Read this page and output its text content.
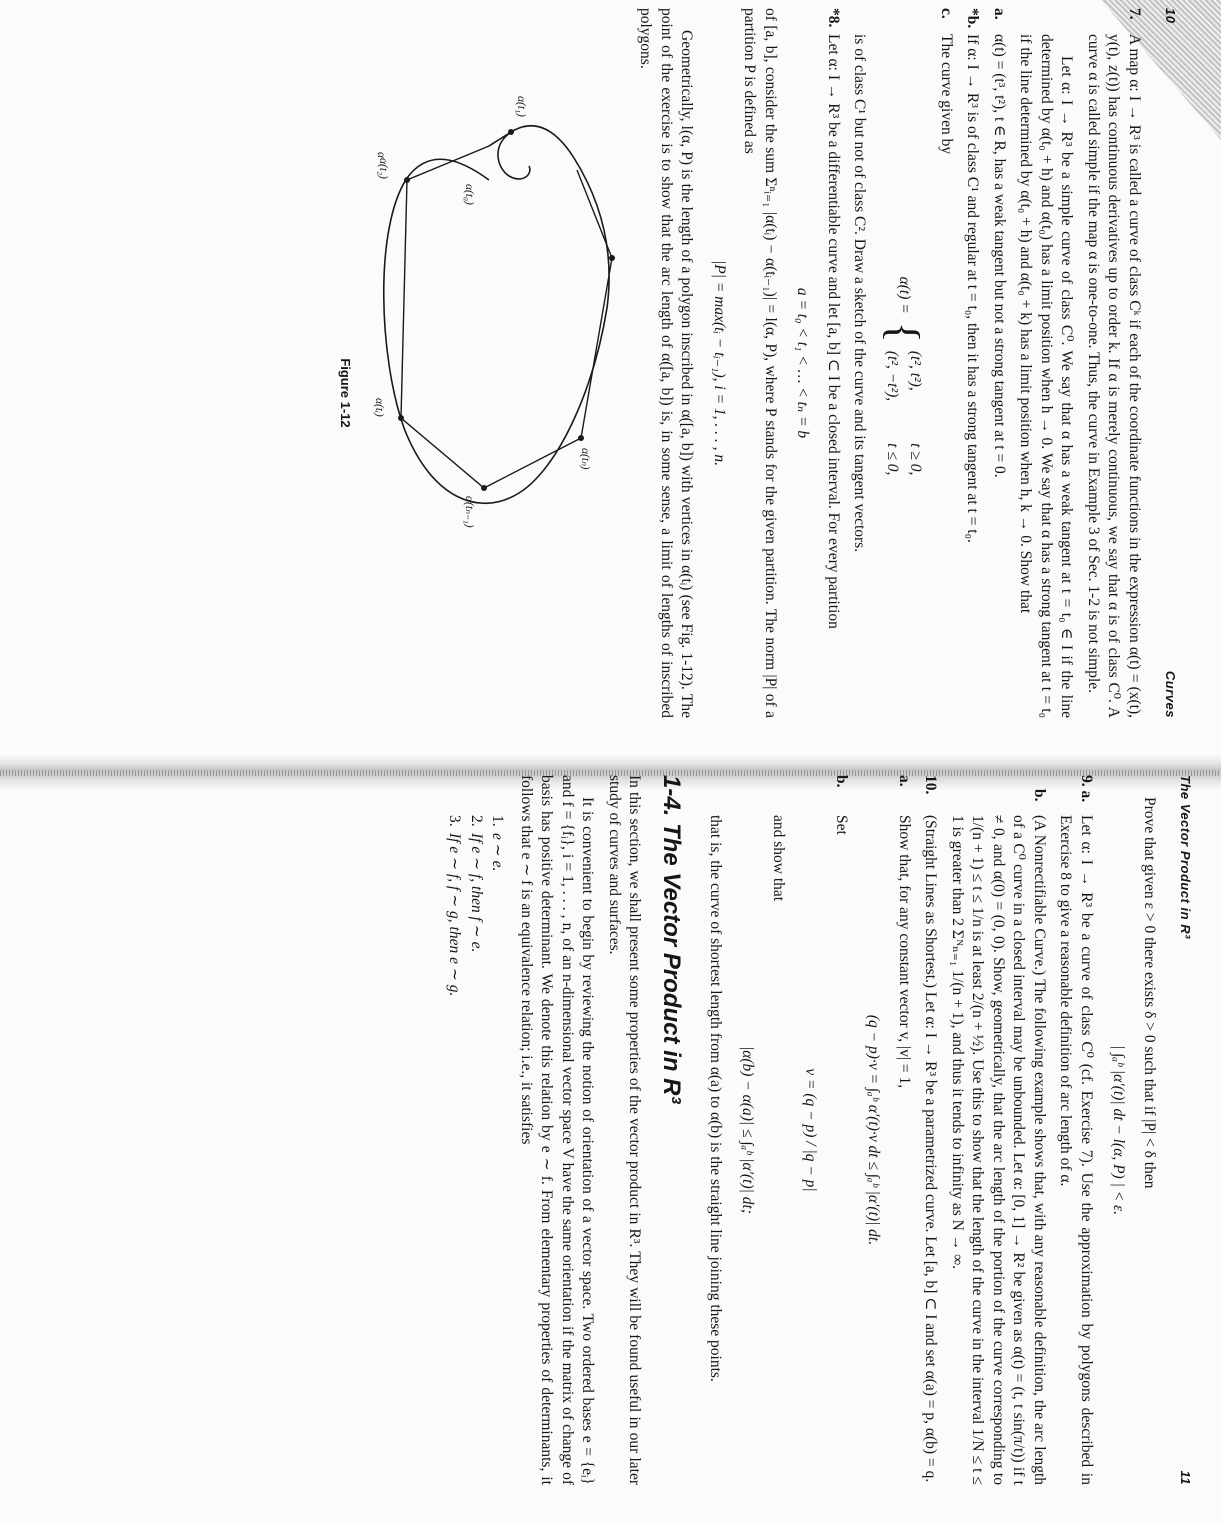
10
Curves
7.

A map α: I → R³ is called a curve of class Cᵏ if each of the coordinate functions in the expression α(t) = (x(t), y(t), z(t)) has continuous derivatives up to order k. If α is merely continuous, we say that α is of class C⁰. A curve α is called simple if the map α is one-to-one. Thus, the curve in Example 3 of Sec. 1-2 is not simple.

Let α: I → R³ be a simple curve of class C⁰. We say that α has a weak tangent at t = t₀ ∈ I if the line determined by α(t₀ + h) and α(t₀) has a limit position when h → 0. We say that α has a strong tangent at t = t₀ if the line determined by α(t₀ + h) and α(t₀ + k) has a limit position when h, k → 0. Show that

a.

α(t) = (t³, t²), t ∈ R, has a weak tangent but not a strong tangent at t = 0.

*b.

If α: I → R³ is of class C¹ and regular at t = t₀, then it has a strong tangent at t = t₀.

c.

The curve given by

α(t) =
{
(t², t²),
t ≥ 0,
(t², −t²),
t ≤ 0,

is of class C¹ but not of class C². Draw a sketch of the curve and its tangent vectors.

*8.

Let α: I → R³ be a differentiable curve and let [a, b] ⊂ I be a closed interval. For every partition

a = t₀ < t₁ < … < tₙ = b

of [a, b], consider the sum Σⁿᵢ₌₁ |α(tᵢ) − α(tᵢ₋₁)| = l(α, P), where P stands for the given partition. The norm |P| of a partition P is defined as

|P| = max(tᵢ − tᵢ₋₁), i = 1, . . . , n.

Geometrically, l(α, P) is the length of a polygon inscribed in α([a, b]) with vertices in α(tᵢ) (see Fig. 1-12). The point of the exercise is to show that the arc length of α([a, b]) is, in some sense, a limit of lengths of inscribed polygons.

α(t₀)
α(t₁)
α(t₂)
α(tᵢ)
α(tₙ₋₁)
α(tₙ)
α
Figure 1-12
The Vector Product in R³
11

Prove that given ε > 0 there exists δ > 0 such that if |P| < δ then

| ∫ₐᵇ |α′(t)| dt − l(α, P) | < ε.
9. a.

Let α: I → R³ be a curve of class C⁰ (cf. Exercise 7). Use the approximation by polygons described in Exercise 8 to give a reasonable definition of arc length of α.

b.

(A Nonrectifiable Curve.) The following example shows that, with any reasonable definition, the arc length of a C⁰ curve in a closed interval may be unbounded. Let α: [0, 1] → R² be given as α(t) = (t, t sin(π/t)) if t ≠ 0, and α(0) = (0, 0). Show, geometrically, that the arc length of the portion of the curve corresponding to 1/(n + 1) ≤ t ≤ 1/n is at least 2/(n + ½). Use this to show that the length of the curve in the interval 1/N ≤ t ≤ 1 is greater than 2 Σᴺₙ₌₁ 1/(n + 1), and thus it tends to infinity as N → ∞.

10.

(Straight Lines as Shortest.) Let α: I → R³ be a parametrized curve. Let [a, b] ⊂ I and set α(a) = p, α(b) = q.

a.

Show that, for any constant vector v, |v| = 1,

(q − p)·v = ∫ₐᵇ α′(t)·v dt ≤ ∫ₐᵇ |α′(t)| dt.
b.

Set

v = (q − p) / |q − p|

and show that

|α(b) − α(a)| ≤ ∫ₐᵇ |α′(t)| dt;

that is, the curve of shortest length from α(a) to α(b) is the straight line joining these points.

1-4. The Vector Product in R³

In this section, we shall present some properties of the vector product in R³. They will be found useful in our later study of curves and surfaces.

It is convenient to begin by reviewing the notion of orientation of a vector space. Two ordered bases e = {eᵢ} and f = {fᵢ}, i = 1, . . . , n, of an n-dimensional vector space V have the same orientation if the matrix of change of basis has positive determinant. We denote this relation by e ∼ f. From elementary properties of determinants, it follows that e ∼ f is an equivalence relation; i.e., it satisfies

1.e ∼ e.
2.If e ∼ f, then f ∼ e.
3.If e ∼ f, f ∼ g, then e ∼ g.
